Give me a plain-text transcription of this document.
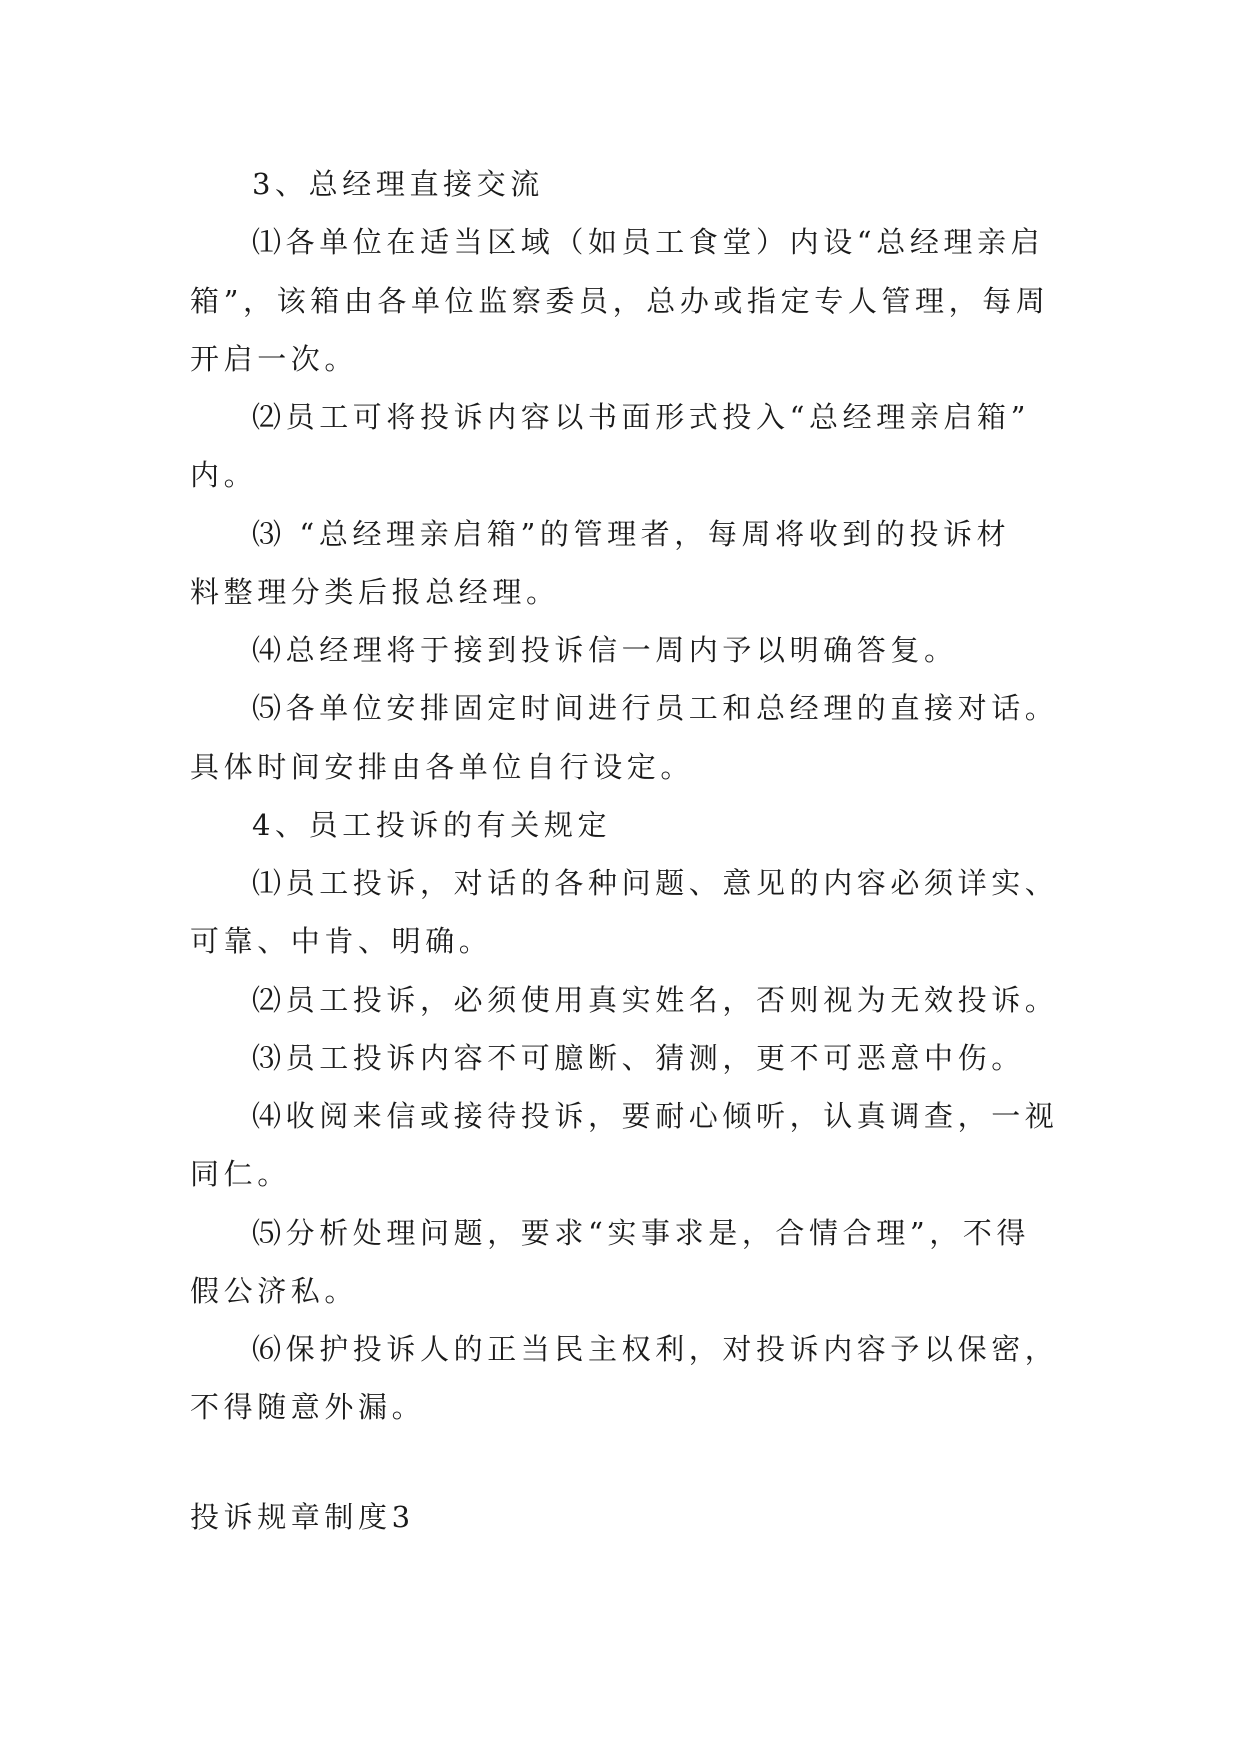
3、总经理直接交流
⑴各单位在适当区域（如员工食堂）内设“总经理亲启
箱”，该箱由各单位监察委员，总办或指定专人管理，每周
开启一次。
⑵员工可将投诉内容以书面形式投入“总经理亲启箱”
内。
⑶ “总经理亲启箱”的管理者，每周将收到的投诉材
料整理分类后报总经理。
⑷总经理将于接到投诉信一周内予以明确答复。
⑸各单位安排固定时间进行员工和总经理的直接对话。
具体时间安排由各单位自行设定。
4、员工投诉的有关规定
⑴员工投诉，对话的各种问题、意见的内容必须详实、
可靠、中肯、明确。
⑵员工投诉，必须使用真实姓名，否则视为无效投诉。
⑶员工投诉内容不可臆断、猜测，更不可恶意中伤。
⑷收阅来信或接待投诉，要耐心倾听，认真调查，一视
同仁。
⑸分析处理问题，要求“实事求是，合情合理”，不得
假公济私。
⑹保护投诉人的正当民主权利，对投诉内容予以保密，
不得随意外漏。
投诉规章制度3
